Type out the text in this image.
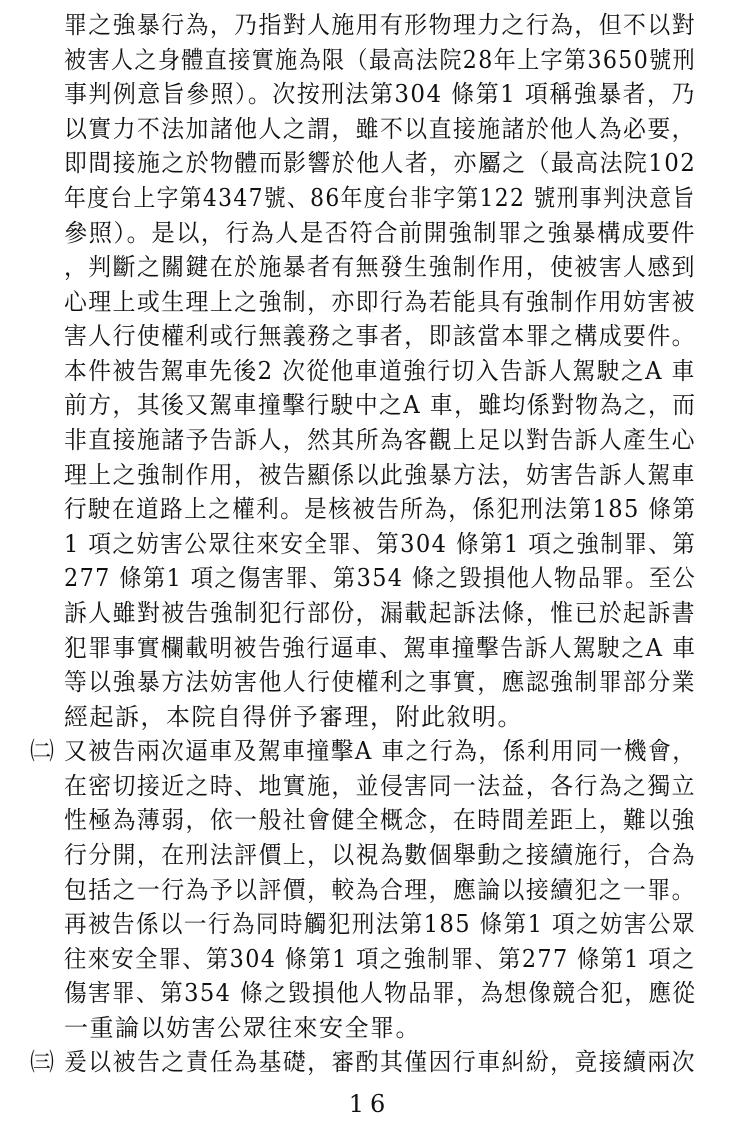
罪之強暴行為，乃指對人施用有形物理力之行為，但不以對
被害人之身體直接實施為限（最高法院28年上字第3650號刑
事判例意旨參照）。次按刑法第304 條第1 項稱強暴者，乃
以實力不法加諸他人之謂，雖不以直接施諸於他人為必要，
即間接施之於物體而影響於他人者，亦屬之（最高法院102
年度台上字第4347號、86年度台非字第122 號刑事判決意旨
參照）。是以，行為人是否符合前開強制罪之強暴構成要件
，判斷之關鍵在於施暴者有無發生強制作用，使被害人感到
心理上或生理上之強制，亦即行為若能具有強制作用妨害被
害人行使權利或行無義務之事者，即該當本罪之構成要件。
本件被告駕車先後2 次從他車道強行切入告訴人駕駛之A 車
前方，其後又駕車撞擊行駛中之A 車，雖均係對物為之，而
非直接施諸予告訴人，然其所為客觀上足以對告訴人產生心
理上之強制作用，被告顯係以此強暴方法，妨害告訴人駕車
行駛在道路上之權利。是核被告所為，係犯刑法第185 條第
1 項之妨害公眾往來安全罪、第304 條第1 項之強制罪、第
277 條第1 項之傷害罪、第354 條之毀損他人物品罪。至公
訴人雖對被告強制犯行部份，漏載起訴法條，惟已於起訴書
犯罪事實欄載明被告強行逼車、駕車撞擊告訴人駕駛之A 車
等以強暴方法妨害他人行使權利之事實，應認強制罪部分業
經起訴，本院自得併予審理，附此敘明。
㈡ 又被告兩次逼車及駕車撞擊A 車之行為，係利用同一機會，
在密切接近之時、地實施，並侵害同一法益，各行為之獨立
性極為薄弱，依一般社會健全概念，在時間差距上，難以強
行分開，在刑法評價上，以視為數個舉動之接續施行，合為
包括之一行為予以評價，較為合理，應論以接續犯之一罪。
再被告係以一行為同時觸犯刑法第185 條第1 項之妨害公眾
往來安全罪、第304 條第1 項之強制罪、第277 條第1 項之
傷害罪、第354 條之毀損他人物品罪，為想像競合犯，應從
一重論以妨害公眾往來安全罪。
㈢ 爰以被告之責任為基礎，審酌其僅因行車糾紛，竟接續兩次
16
